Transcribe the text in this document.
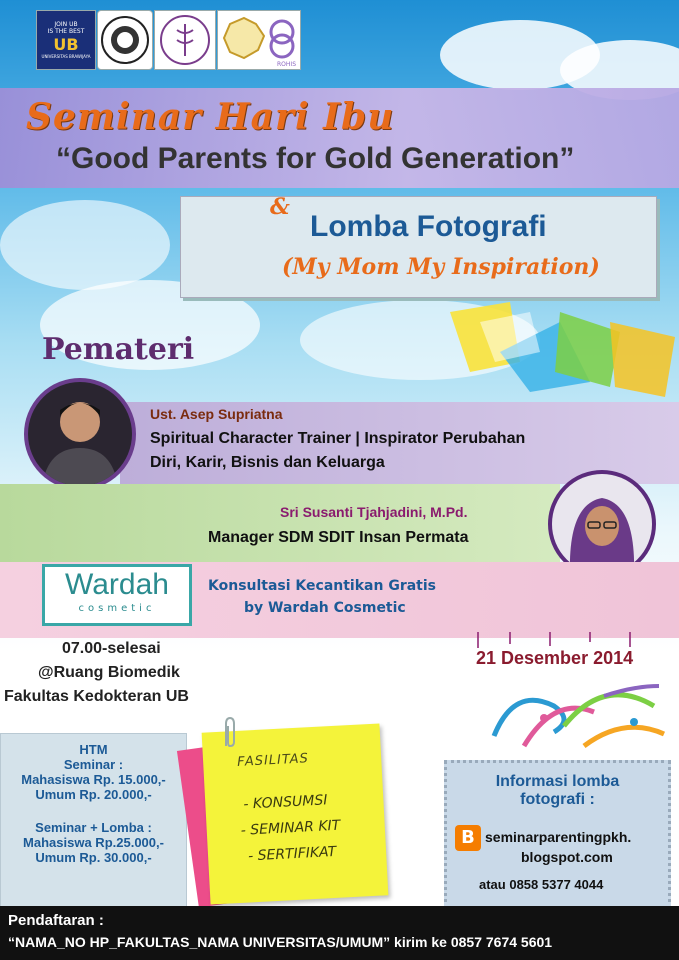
JOIN UB
IS THE BEST
UB
UNIVERSITAS BRAWIJAYA
ROHIS
Seminar Hari Ibu
“Good Parents for Gold Generation”
&
Lomba Fotografi
(My Mom My Inspiration)
Pemateri
Ust. Asep Supriatna
Spiritual Character Trainer | Inspirator Perubahan
Diri, Karir, Bisnis dan Keluarga
Sri Susanti Tjahjadini, M.Pd.
Manager SDM SDIT Insan Permata
Wardah
cosmetic
Konsultasi Kecantikan Gratis
by Wardah Cosmetic
07.00-selesai
@Ruang Biomedik
Fakultas Kedokteran UB
21 Desember 2014
HTM
Seminar :
Mahasiswa Rp. 15.000,-
Umum Rp. 20.000,-
Seminar + Lomba :
Mahasiswa Rp.25.000,-
Umum Rp. 30.000,-
FASILITAS
- KONSUMSI
- SEMINAR KIT
- SERTIFIKAT
Informasi lomba
fotografi :
B seminarparentingpkh.
blogspot.com
atau 0858 5377 4044
Pendaftaran :
“NAMA_NO HP_FAKULTAS_NAMA UNIVERSITAS/UMUM” kirim ke 0857 7674 5601
